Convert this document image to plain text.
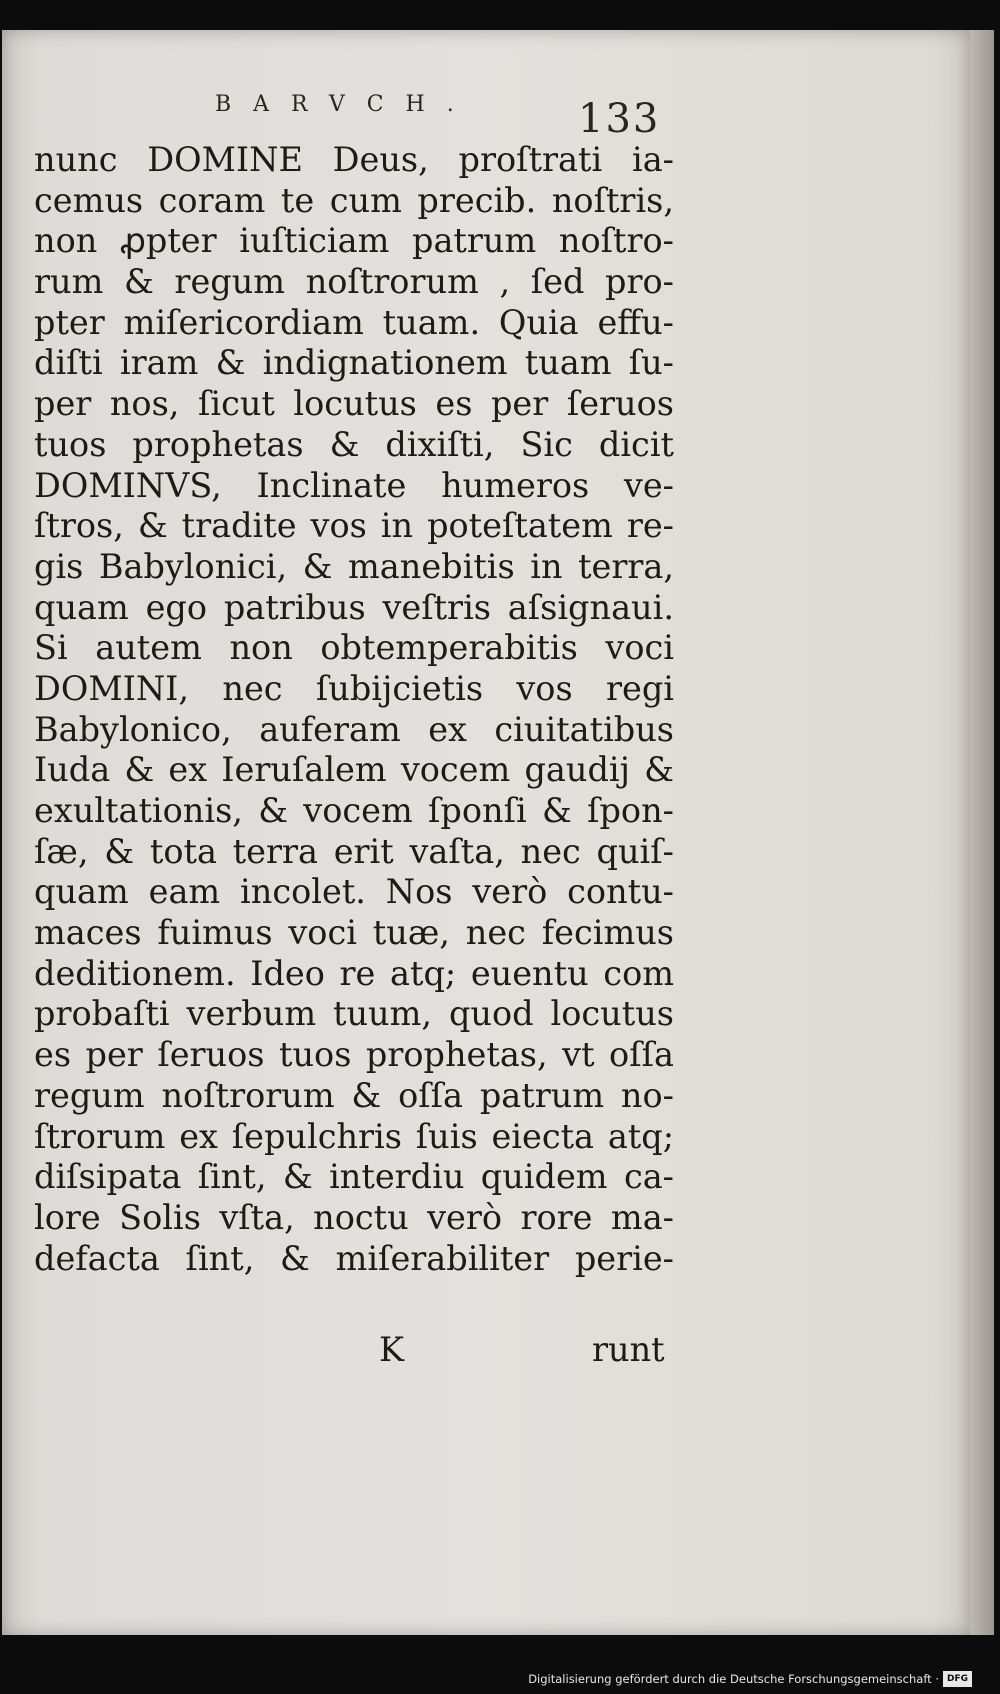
BARVCH.	133
nunc DOMINE Deus, proſtrati ia-
cemus coram te cum precib. noſtris,
non ꝓpter iuſticiam patrum noſtro-
rum & regum noſtrorum , ſed pro-
pter miſericordiam tuam. Quia effu-
diſti iram & indignationem tuam ſu-
per nos, ſicut locutus es per ſeruos
tuos prophetas & dixiſti, Sic dicit
DOMINVS, Inclinate humeros ve-
ſtros, & tradite vos in poteſtatem re-
gis Babylonici, & manebitis in terra,
quam ego patribus veſtris aſsignaui.
Si autem non obtemperabitis voci
DOMINI, nec ſubijcietis vos regi
Babylonico, auferam ex ciuitatibus
Iuda & ex Ieruſalem vocem gaudij &
exultationis, & vocem ſponſi & ſpon-
ſæ, & tota terra erit vaſta, nec quiſ-
quam eam incolet. Nos verò contu-
maces fuimus voci tuæ, nec fecimus
deditionem. Ideo re atq; euentu com
probaſti verbum tuum, quod locutus
es per ſeruos tuos prophetas, vt oſſa
regum noſtrorum & oſſa patrum no-
ſtrorum ex ſepulchris ſuis eiecta atq;
diſsipata ſint, & interdiu quidem ca-
lore Solis vſta, noctu verò rore ma-
defacta ſint, & miſerabiliter perie-
K	runt
Digitalisierung gefördert durch die Deutsche Forschungsgemeinschaft · DFG
